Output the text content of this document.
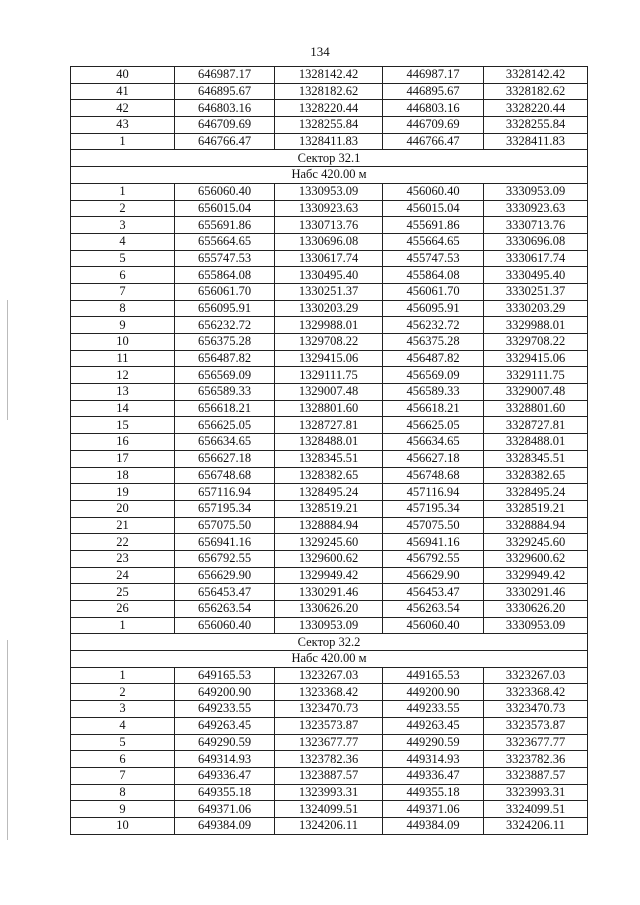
134
40	646987.17	1328142.42	446987.17	3328142.42
41	646895.67	1328182.62	446895.67	3328182.62
42	646803.16	1328220.44	446803.16	3328220.44
43	646709.69	1328255.84	446709.69	3328255.84
1	646766.47	1328411.83	446766.47	3328411.83
Сектор 32.1				
Набс 420.00 м				
1	656060.40	1330953.09	456060.40	3330953.09
2	656015.04	1330923.63	456015.04	3330923.63
3	655691.86	1330713.76	455691.86	3330713.76
4	655664.65	1330696.08	455664.65	3330696.08
5	655747.53	1330617.74	455747.53	3330617.74
6	655864.08	1330495.40	455864.08	3330495.40
7	656061.70	1330251.37	456061.70	3330251.37
8	656095.91	1330203.29	456095.91	3330203.29
9	656232.72	1329988.01	456232.72	3329988.01
10	656375.28	1329708.22	456375.28	3329708.22
11	656487.82	1329415.06	456487.82	3329415.06
12	656569.09	1329111.75	456569.09	3329111.75
13	656589.33	1329007.48	456589.33	3329007.48
14	656618.21	1328801.60	456618.21	3328801.60
15	656625.05	1328727.81	456625.05	3328727.81
16	656634.65	1328488.01	456634.65	3328488.01
17	656627.18	1328345.51	456627.18	3328345.51
18	656748.68	1328382.65	456748.68	3328382.65
19	657116.94	1328495.24	457116.94	3328495.24
20	657195.34	1328519.21	457195.34	3328519.21
21	657075.50	1328884.94	457075.50	3328884.94
22	656941.16	1329245.60	456941.16	3329245.60
23	656792.55	1329600.62	456792.55	3329600.62
24	656629.90	1329949.42	456629.90	3329949.42
25	656453.47	1330291.46	456453.47	3330291.46
26	656263.54	1330626.20	456263.54	3330626.20
1	656060.40	1330953.09	456060.40	3330953.09
Сектор 32.2				
Набс 420.00 м				
1	649165.53	1323267.03	449165.53	3323267.03
2	649200.90	1323368.42	449200.90	3323368.42
3	649233.55	1323470.73	449233.55	3323470.73
4	649263.45	1323573.87	449263.45	3323573.87
5	649290.59	1323677.77	449290.59	3323677.77
6	649314.93	1323782.36	449314.93	3323782.36
7	649336.47	1323887.57	449336.47	3323887.57
8	649355.18	1323993.31	449355.18	3323993.31
9	649371.06	1324099.51	449371.06	3324099.51
10	649384.09	1324206.11	449384.09	3324206.11
